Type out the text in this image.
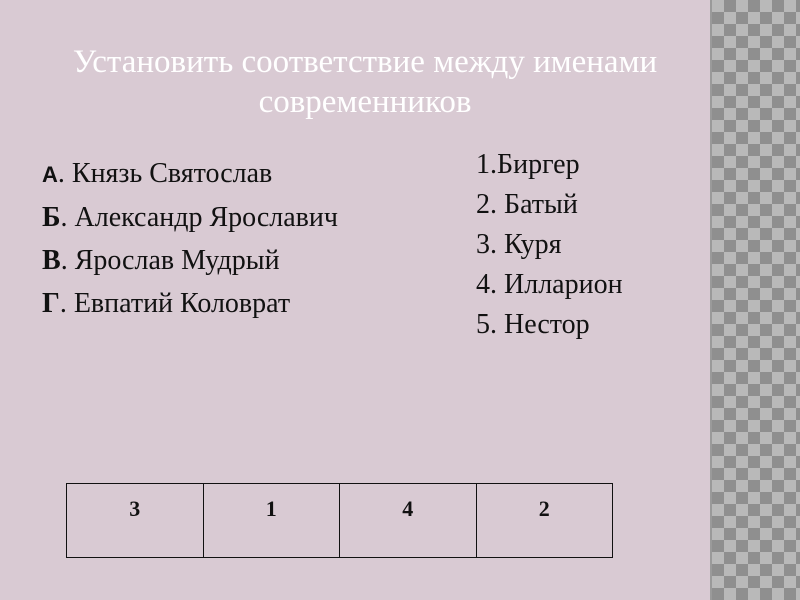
Установить соответствие между именами
современников
А. Князь Святослав
Б. Александр Ярославич
В. Ярослав Мудрый
Г. Евпатий Коловрат
1.Биргер
2. Батый
3. Куря
4. Илларион
5. Нестор
3	1	4	2
